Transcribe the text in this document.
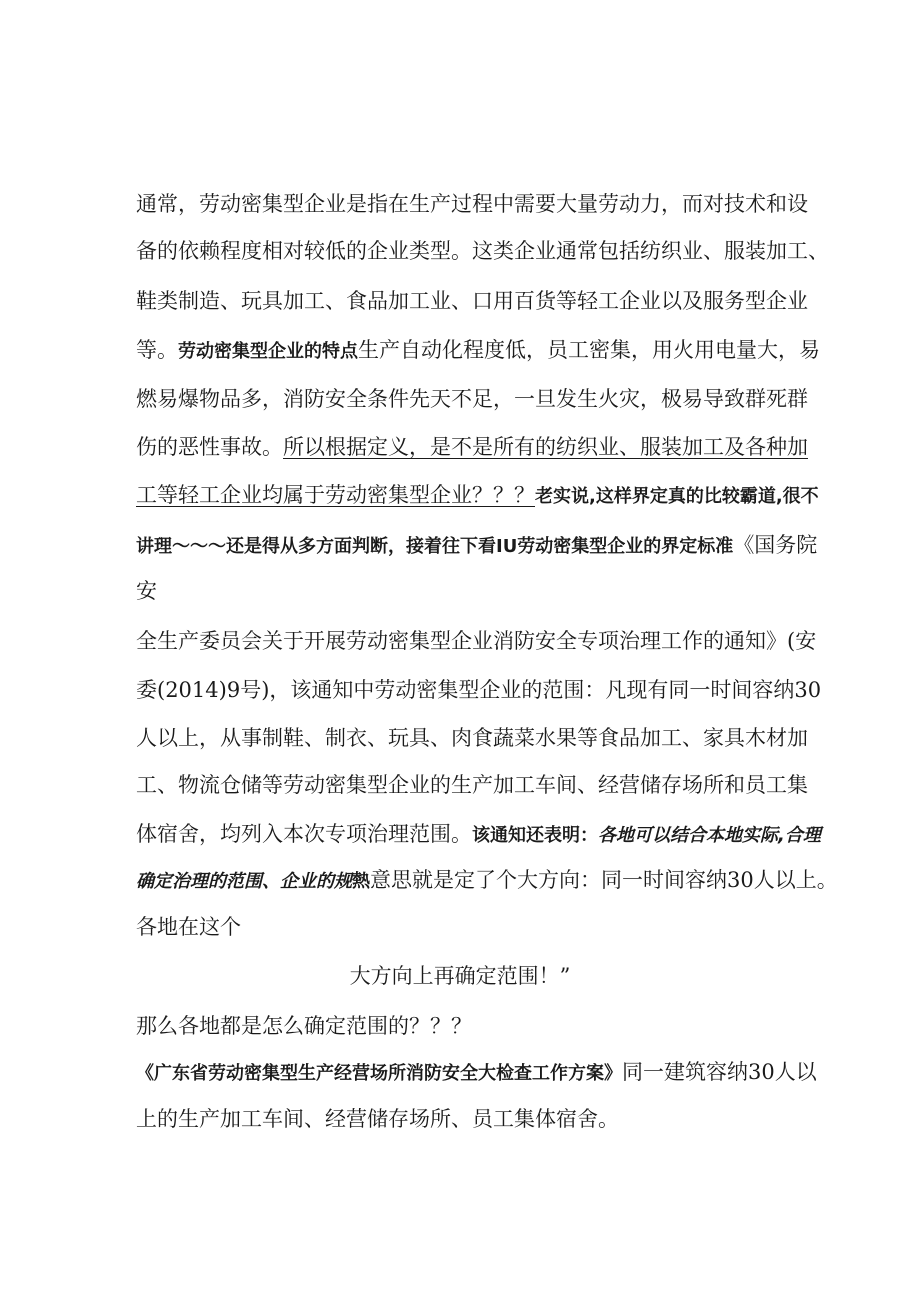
通常，劳动密集型企业是指在生产过程中需要大量劳动力，而对技术和设
备的依赖程度相对较低的企业类型。这类企业通常包括纺织业、服装加工、
鞋类制造、玩具加工、食品加工业、口用百货等轻工企业以及服务型企业
等。劳动密集型企业的特点生产自动化程度低，员工密集，用火用电量大，易
燃易爆物品多，消防安全条件先天不足，一旦发生火灾，极易导致群死群
伤的恶性事故。所以根据定义，是不是所有的纺织业、服装加工及各种加
工等轻工企业均属于劳动密集型企业？？？老实说,这样界定真的比较霸道,很不
讲理〜〜〜还是得从多方面判断，接着往下看IU劳动密集型企业的界定标准《国务院
安
全生产委员会关于开展劳动密集型企业消防安全专项治理工作的通知》(安
委(2014)9号)，该通知中劳动密集型企业的范围：凡现有同一时间容纳30
人以上，从事制鞋、制衣、玩具、肉食蔬菜水果等食品加工、家具木材加
工、物流仓储等劳动密集型企业的生产加工车间、经营储存场所和员工集
体宿舍，均列入本次专项治理范围。该通知还表明：各地可以结合本地实际,合理
确定治理的范围、企业的规熱意思就是定了个大方向：同一时间容纳30人以上。
各地在这个
大方向上再确定范围！”
那么各地都是怎么确定范围的？？？
《广东省劳动密集型生产经营场所消防安全大检查工作方案》同一建筑容纳30人以
上的生产加工车间、经营储存场所、员工集体宿舍。
